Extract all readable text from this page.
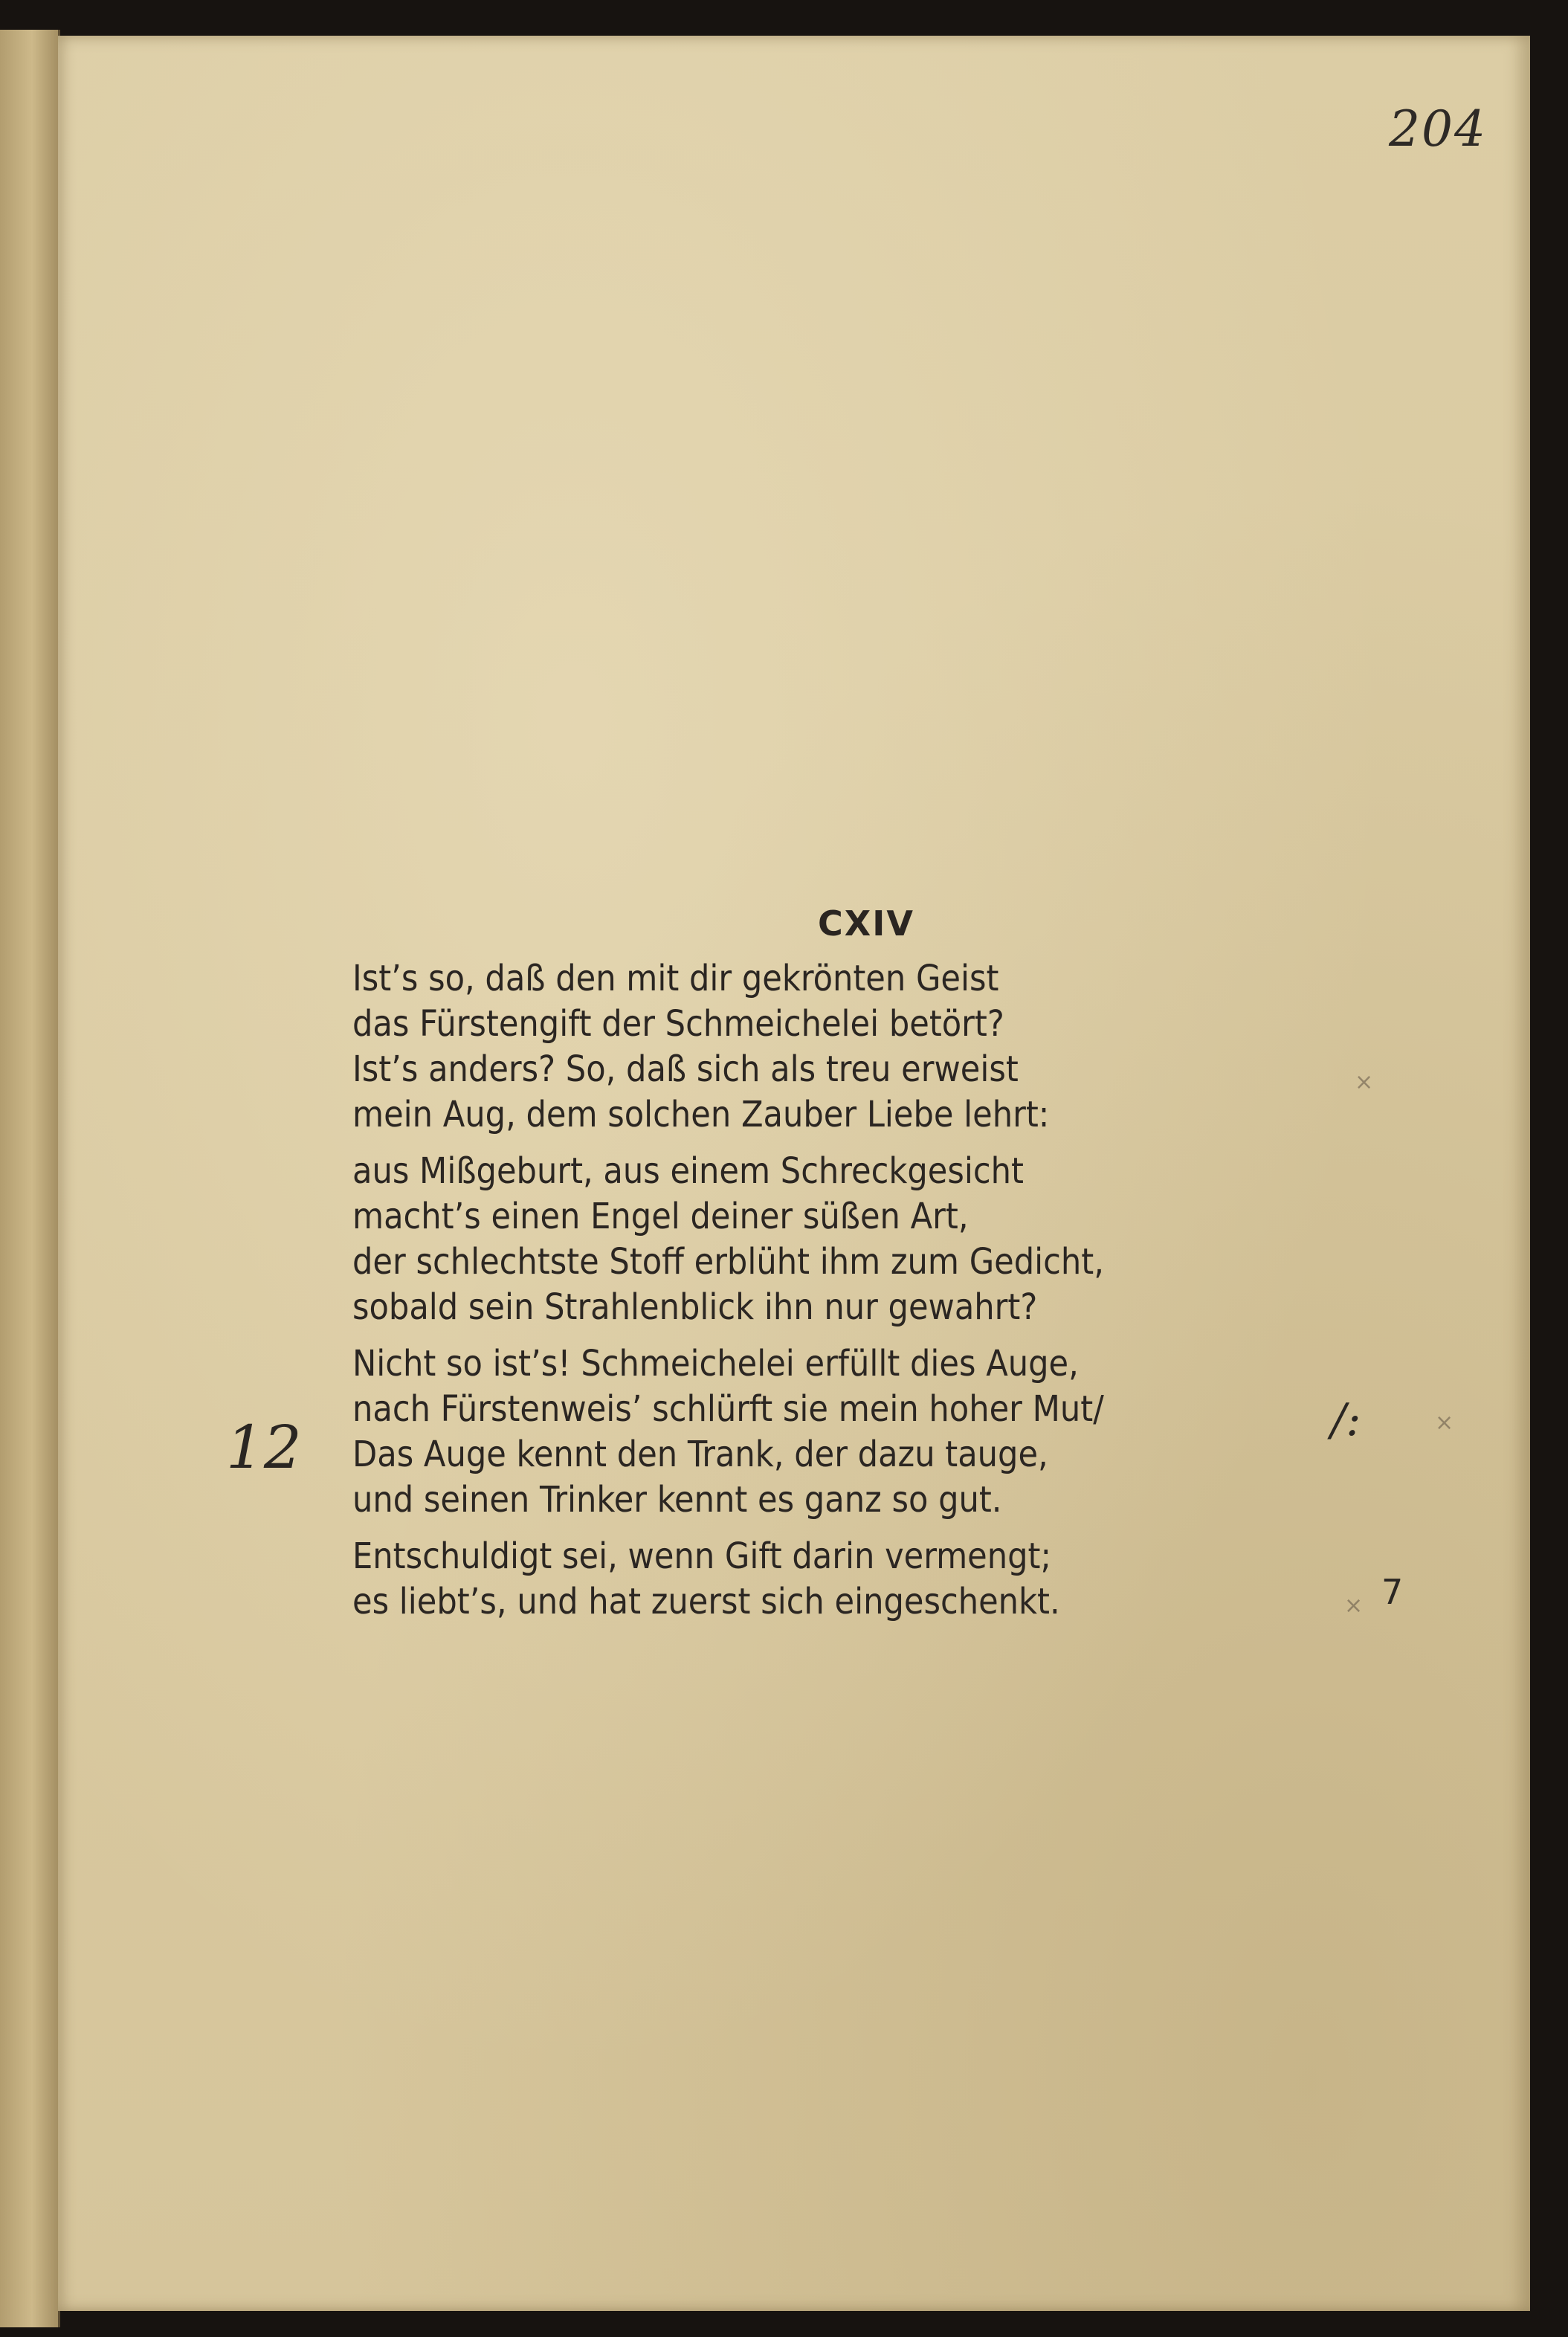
204
CXIV
Ist’s so, daß den mit dir gekrönten Geist
das Fürstengift der Schmeichelei betört?
Ist’s anders? So, daß sich als treu erweist
mein Aug, dem solchen Zauber Liebe lehrt:
aus Mißgeburt, aus einem Schreckgesicht
macht’s einen Engel deiner süßen Art,
der schlechtste Stoff erblüht ihm zum Gedicht,
sobald sein Strahlenblick ihn nur gewahrt?
Nicht so ist’s! Schmeichelei erfüllt dies Auge,
nach Fürstenweis’ schlürft sie mein hoher Mut/
Das Auge kennt den Trank, der dazu tauge,
und seinen Trinker kennt es ganz so gut.
Entschuldigt sei, wenn Gift darin vermengt;
es liebt’s, und hat zuerst sich eingeschenkt.
12	/:
7
×
×
×
